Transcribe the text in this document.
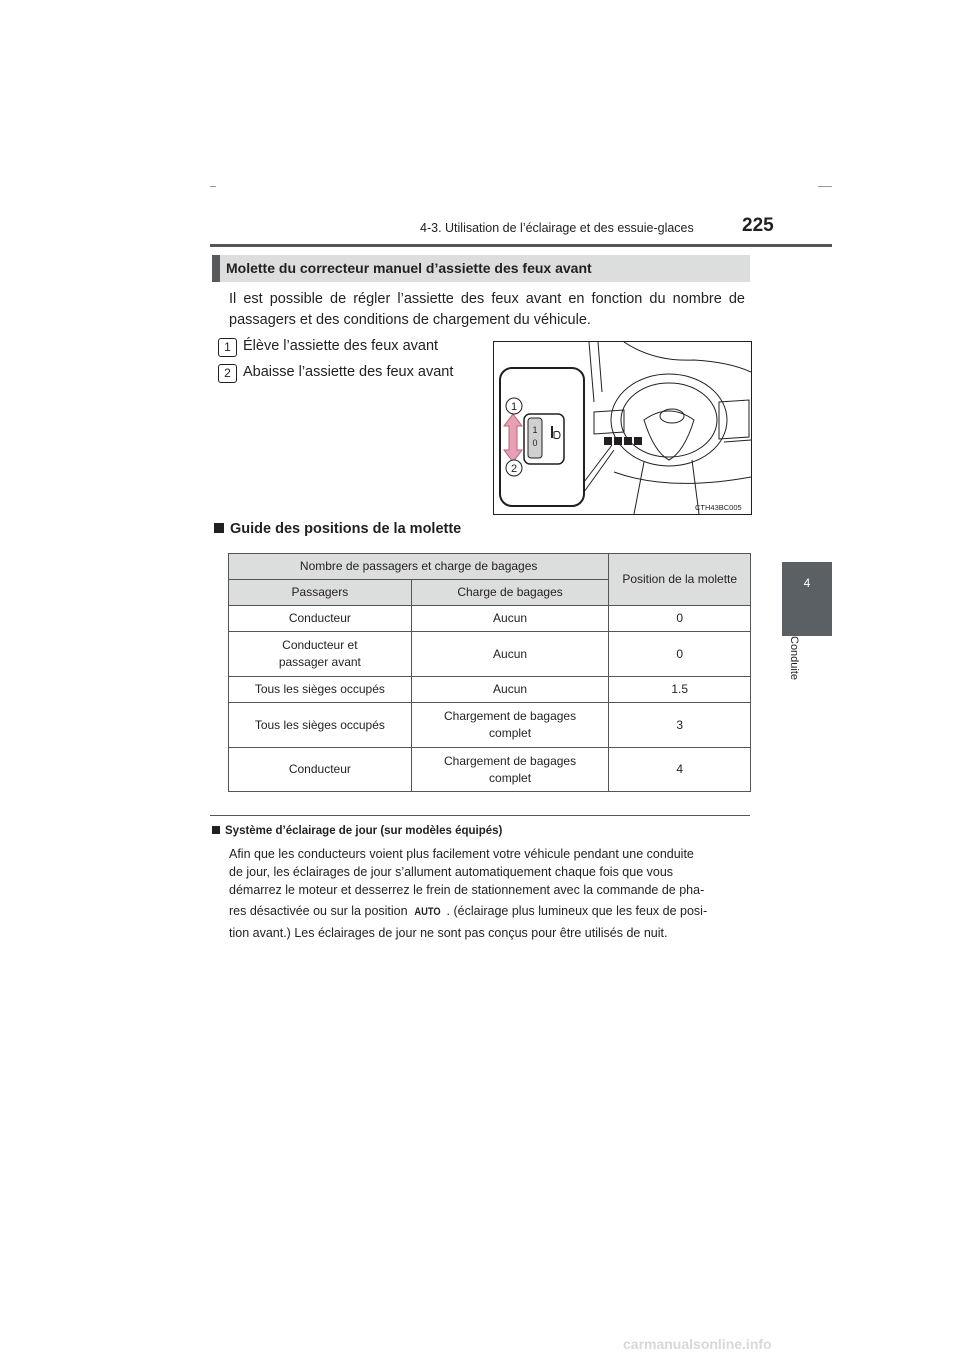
4-3. Utilisation de l’éclairage et des essuie-glaces	225
4
Conduite
Molette du correcteur manuel d’assiette des feux avant
Il est possible de régler l’assiette des feux avant en fonction du nombre de passagers et des conditions de chargement du véhicule.
1 Élève l’assiette des feux avant
2 Abaisse l’assiette des feux avant
1
0
1
2
CTH43BC005
Guide des positions de la molette
Nombre de passagers et charge de bagages		Position de la molette
Passagers	Charge de bagages	
Conducteur	Aucun	0
Conducteur et passager avant	Aucun	0
Tous les sièges occupés	Aucun	1.5
Tous les sièges occupés	Chargement de bagages complet	3
Conducteur	Chargement de bagages complet	4
Système d’éclairage de jour (sur modèles équipés)
Afin que les conducteurs voient plus facilement votre véhicule pendant une conduite
de jour, les éclairages de jour s’allument automatiquement chaque fois que vous
démarrez le moteur et desserrez le frein de stationnement avec la commande de pha-
res désactivée ou sur la position AUTO . (éclairage plus lumineux que les feux de posi-
tion avant.) Les éclairages de jour ne sont pas conçus pour être utilisés de nuit.
carmanualsonline.info
